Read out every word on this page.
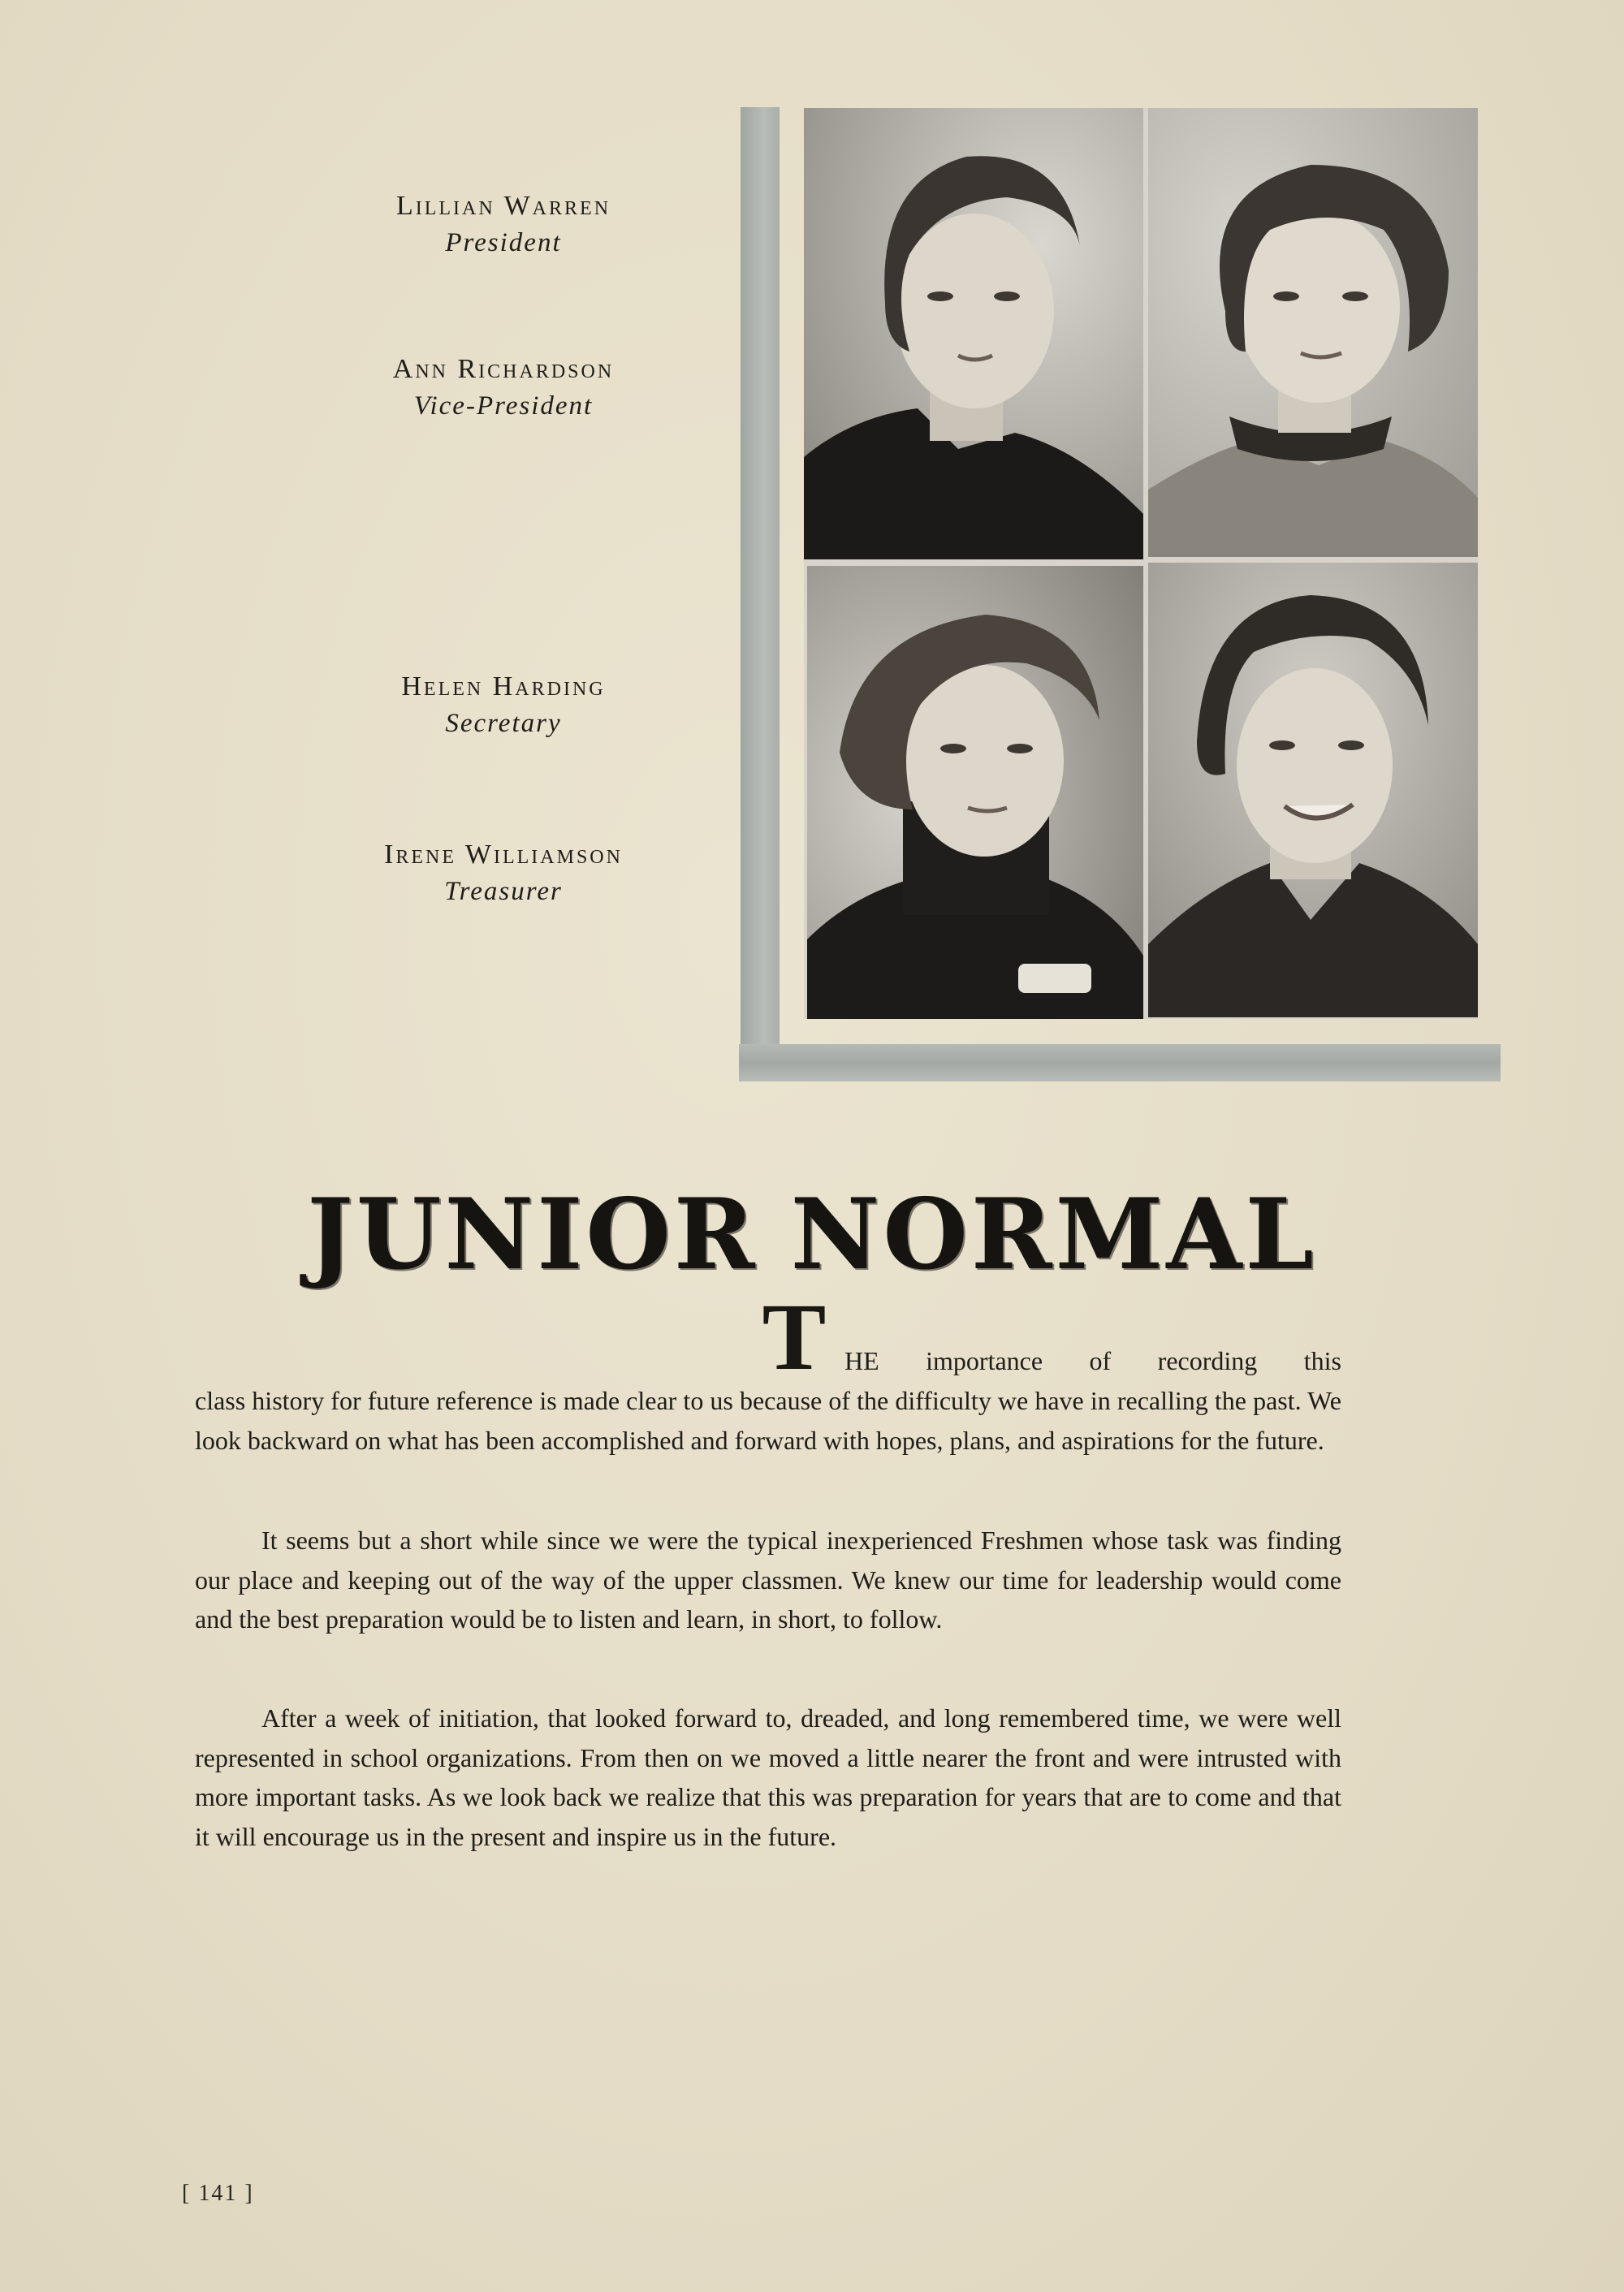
Lillian Warren
President
Ann Richardson
Vice-President
Helen Harding
Secretary
Irene Williamson
Treasurer
JUNIOR NORMAL
T HE importance of recording this
class history for future reference is made clear to us because of the difficulty we have in recalling the past. We look backward on what has been accomplished and forward with hopes, plans, and aspirations for the future.
It seems but a short while since we were the typical inexperienced Freshmen whose task was finding our place and keeping out of the way of the upper classmen. We knew our time for leadership would come and the best preparation would be to listen and learn, in short, to follow.
After a week of initiation, that looked forward to, dreaded, and long remembered time, we were well represented in school organizations. From then on we moved a little nearer the front and were intrusted with more important tasks. As we look back we realize that this was preparation for years that are to come and that it will encourage us in the present and inspire us in the future.
[ 141 ]
